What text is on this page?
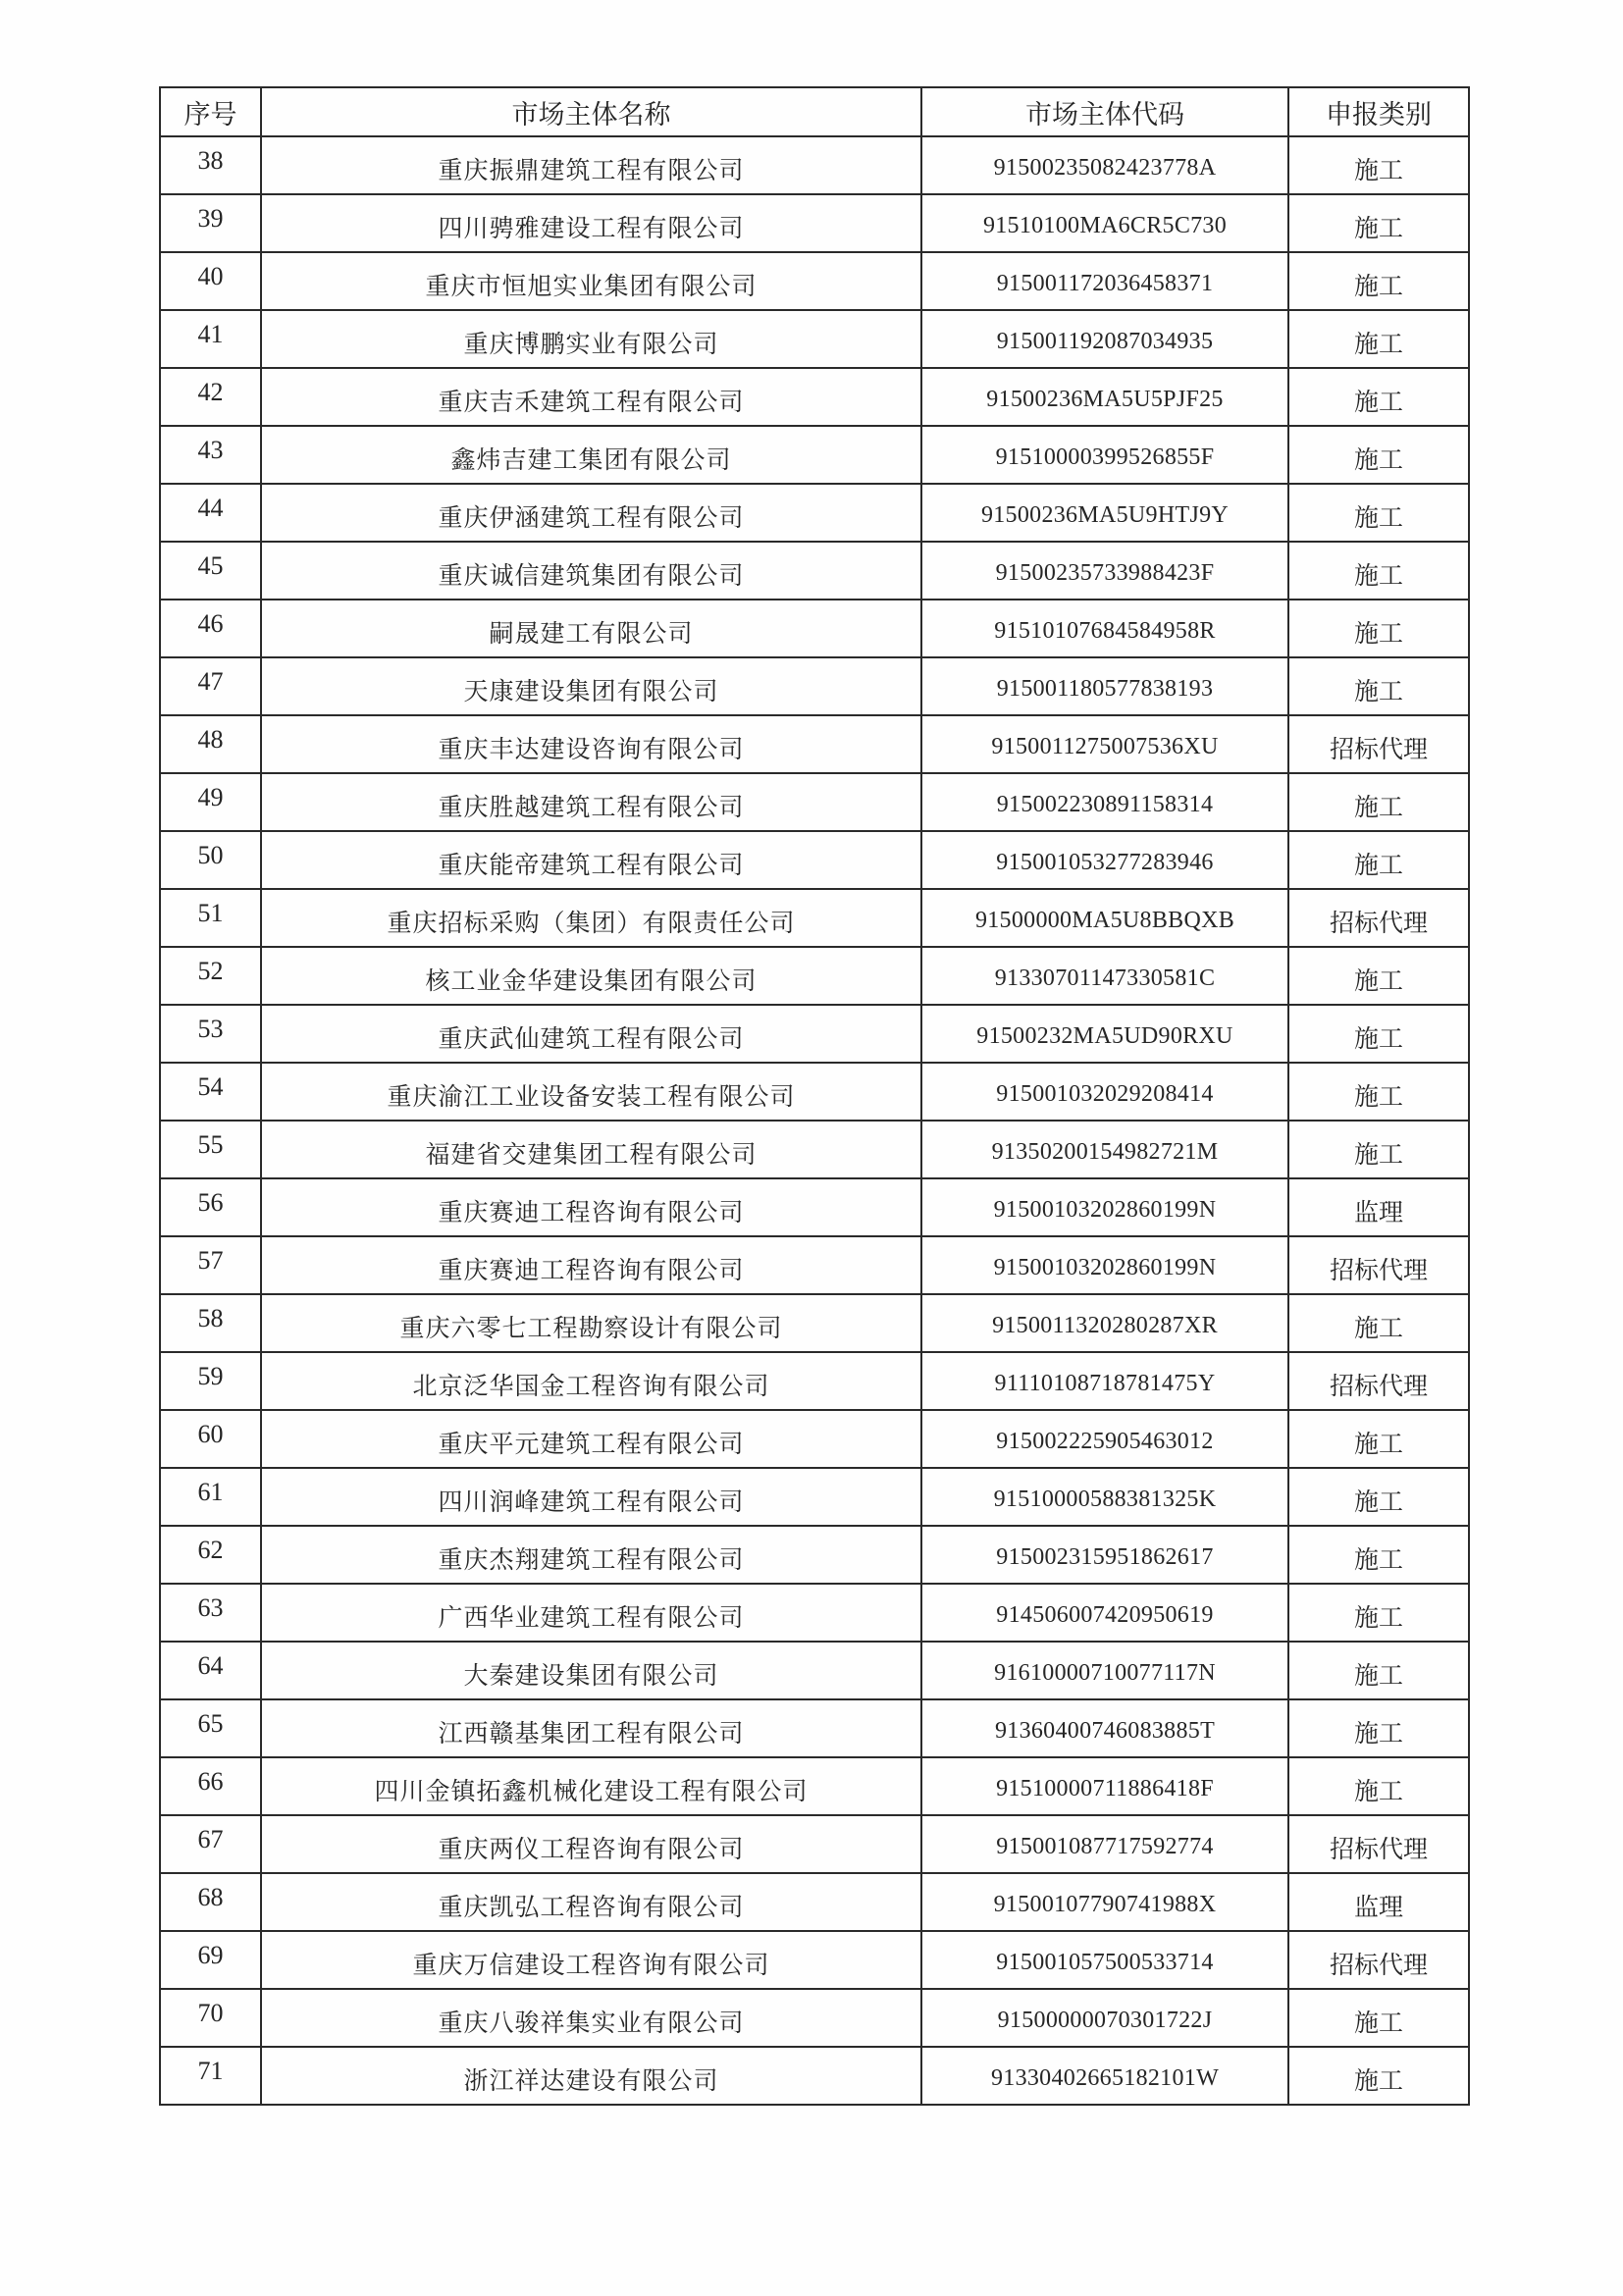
序号	市场主体名称	市场主体代码	申报类别
38	重庆振鼎建筑工程有限公司	91500235082423778A	施工
39	四川骋雅建设工程有限公司	91510100MA6CR5C730	施工
40	重庆市恒旭实业集团有限公司	915001172036458371	施工
41	重庆博鹏实业有限公司	915001192087034935	施工
42	重庆吉禾建筑工程有限公司	91500236MA5U5PJF25	施工
43	鑫炜吉建工集团有限公司	91510000399526855F	施工
44	重庆伊涵建筑工程有限公司	91500236MA5U9HTJ9Y	施工
45	重庆诚信建筑集团有限公司	91500235733988423F	施工
46	嗣晟建工有限公司	91510107684584958R	施工
47	天康建设集团有限公司	915001180577838193	施工
48	重庆丰达建设咨询有限公司	9150011275007536XU	招标代理
49	重庆胜越建筑工程有限公司	915002230891158314	施工
50	重庆能帝建筑工程有限公司	915001053277283946	施工
51	重庆招标采购（集团）有限责任公司	91500000MA5U8BBQXB	招标代理
52	核工业金华建设集团有限公司	91330701147330581C	施工
53	重庆武仙建筑工程有限公司	91500232MA5UD90RXU	施工
54	重庆渝江工业设备安装工程有限公司	915001032029208414	施工
55	福建省交建集团工程有限公司	91350200154982721M	施工
56	重庆赛迪工程咨询有限公司	91500103202860199N	监理
57	重庆赛迪工程咨询有限公司	91500103202860199N	招标代理
58	重庆六零七工程勘察设计有限公司	9150011320280287XR	施工
59	北京泛华国金工程咨询有限公司	91110108718781475Y	招标代理
60	重庆平元建筑工程有限公司	915002225905463012	施工
61	四川润峰建筑工程有限公司	91510000588381325K	施工
62	重庆杰翔建筑工程有限公司	915002315951862617	施工
63	广西华业建筑工程有限公司	914506007420950619	施工
64	大秦建设集团有限公司	91610000710077117N	施工
65	江西赣基集团工程有限公司	91360400746083885T	施工
66	四川金镇拓鑫机械化建设工程有限公司	91510000711886418F	施工
67	重庆两仪工程咨询有限公司	915001087717592774	招标代理
68	重庆凯弘工程咨询有限公司	91500107790741988X	监理
69	重庆万信建设工程咨询有限公司	915001057500533714	招标代理
70	重庆八骏祥集实业有限公司	91500000070301722J	施工
71	浙江祥达建设有限公司	91330402665182101W	施工
